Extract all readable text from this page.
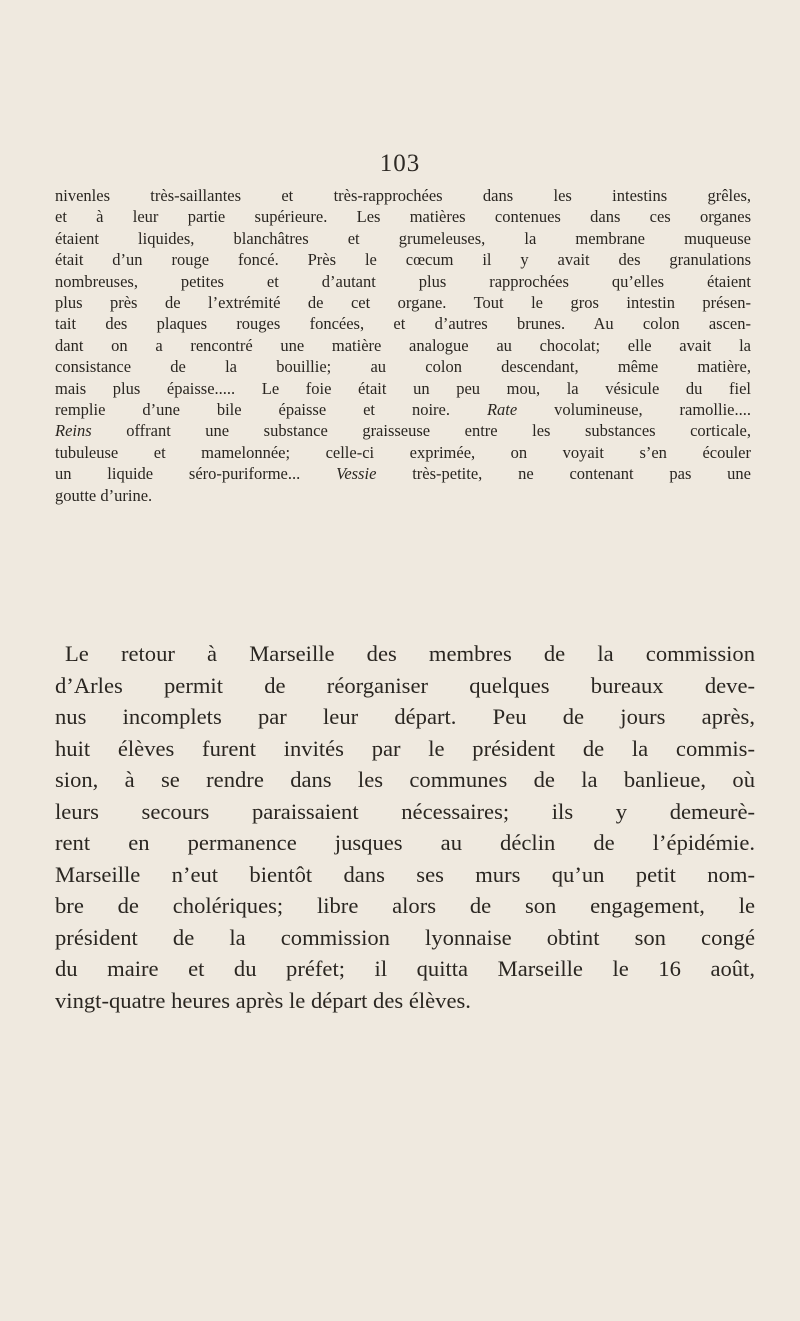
103
nivenles très-saillantes et très-rapprochées dans les intestins grêles,
et à leur partie supérieure. Les matières contenues dans ces organes
étaient liquides, blanchâtres et grumeleuses, la membrane muqueuse
était d’un rouge foncé. Près le cœcum il y avait des granulations
nombreuses, petites et d’autant plus rapprochées qu’elles étaient
plus près de l’extrémité de cet organe. Tout le gros intestin présen-
tait des plaques rouges foncées, et d’autres brunes. Au colon ascen-
dant on a rencontré une matière analogue au chocolat; elle avait la
consistance de la bouillie; au colon descendant, même matière,
mais plus épaisse..... Le foie était un peu mou, la vésicule du fiel
remplie d’une bile épaisse et noire. Rate volumineuse, ramollie....
Reins offrant une substance graisseuse entre les substances corticale,
tubuleuse et mamelonnée; celle-ci exprimée, on voyait s’en écouler
un liquide séro-puriforme... Vessie très-petite, ne contenant pas une
goutte d’urine.
Le retour à Marseille des membres de la commission
d’Arles permit de réorganiser quelques bureaux deve-
nus incomplets par leur départ. Peu de jours après,
huit élèves furent invités par le président de la commis-
sion, à se rendre dans les communes de la banlieue, où
leurs secours paraissaient nécessaires; ils y demeurè-
rent en permanence jusques au déclin de l’épidémie.
Marseille n’eut bientôt dans ses murs qu’un petit nom-
bre de cholériques; libre alors de son engagement, le
président de la commission lyonnaise obtint son congé
du maire et du préfet; il quitta Marseille le 16 août,
vingt-quatre heures après le départ des élèves.
